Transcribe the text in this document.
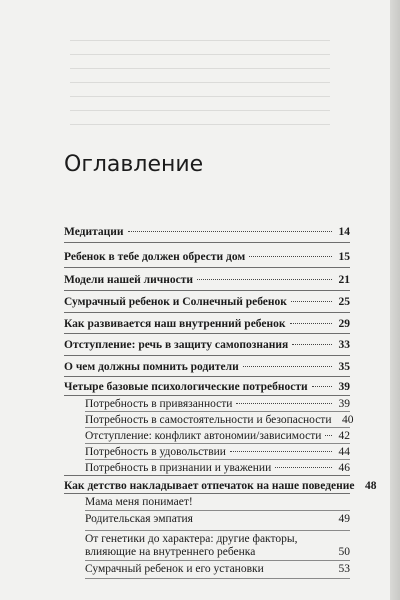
Оглавление
Медитации	14
Ребенок в тебе должен обрести дом	15
Модели нашей личности	21
Сумрачный ребенок и Солнечный ребенок	25
Как развивается наш внутренний ребенок	29
Отступление: речь в защиту самопознания	33
О чем должны помнить родители	35
Четыре базовые психологические потребности	39
Потребность в привязанности	39
Потребность в самостоятельности и безопасности 40
Отступление: конфликт автономии/зависимости 42
Потребность в удовольствии	44
Потребность в признании и уважении	46
Как детство накладывает отпечаток на наше поведение 48
Мама меня понимает!
Родительская эмпатия	49
От генетики до характера: другие факторы,
влияющие на внутреннего ребенка	50
Сумрачный ребенок и его установки	53
